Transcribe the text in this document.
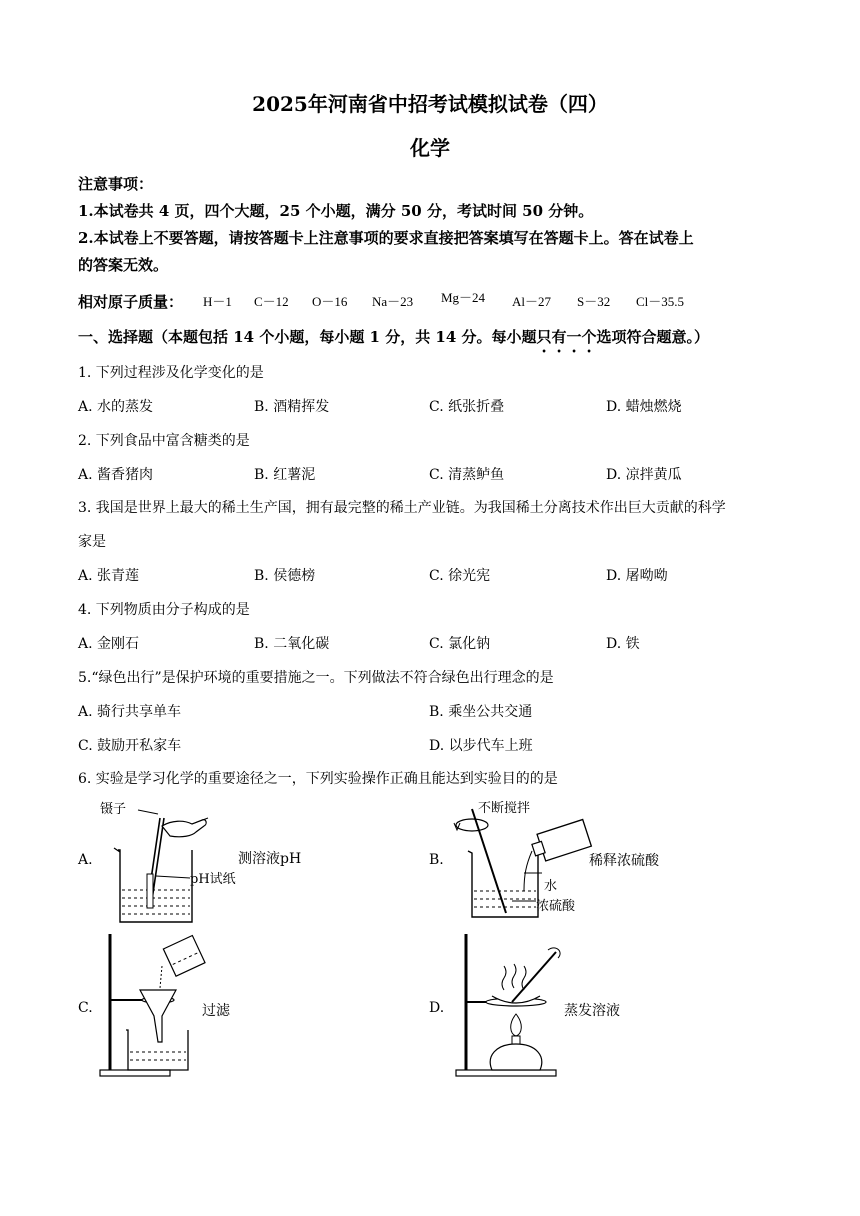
2025年河南省中招考试模拟试卷（四）
化学
注意事项：
1.本试卷共 4 页，四个大题，25 个小题，满分 50 分，考试时间 50 分钟。
2.本试卷上不要答题，请按答题卡上注意事项的要求直接把答案填写在答题卡上。答在试卷上
的答案无效。
相对原子质量： H－1 C－12 O－16 Na－23 Mg－24 Al－27 S－32 Cl－35.5
一、选择题（本题包括 14 个小题，每小题 1 分，共 14 分。每小题只有一个选项符合题意。）
1. 下列过程涉及化学变化的是
A. 水的蒸发	B. 酒精挥发	C. 纸张折叠	D. 蜡烛燃烧
2. 下列食品中富含糖类的是
A. 酱香猪肉	B. 红薯泥	C. 清蒸鲈鱼	D. 凉拌黄瓜
3. 我国是世界上最大的稀土生产国，拥有最完整的稀土产业链。为我国稀土分离技术作出巨大贡献的科学
家是
A. 张青莲	B. 侯德榜	C. 徐光宪	D. 屠呦呦
4. 下列物质由分子构成的是
A. 金刚石	B. 二氧化碳	C. 氯化钠	D. 铁
5.“绿色出行”是保护环境的重要措施之一。下列做法不符合绿色出行理念的是
A. 骑行共享单车	B. 乘坐公共交通
C. 鼓励开私家车	D. 以步代车上班
6. 实验是学习化学的重要途径之一，下列实验操作正确且能达到实验目的的是
A.	B.
C.	D.
镊子
pH试纸
测溶液pH
不断搅拌
水
浓硫酸
稀释浓硫酸
过滤	蒸发溶液
